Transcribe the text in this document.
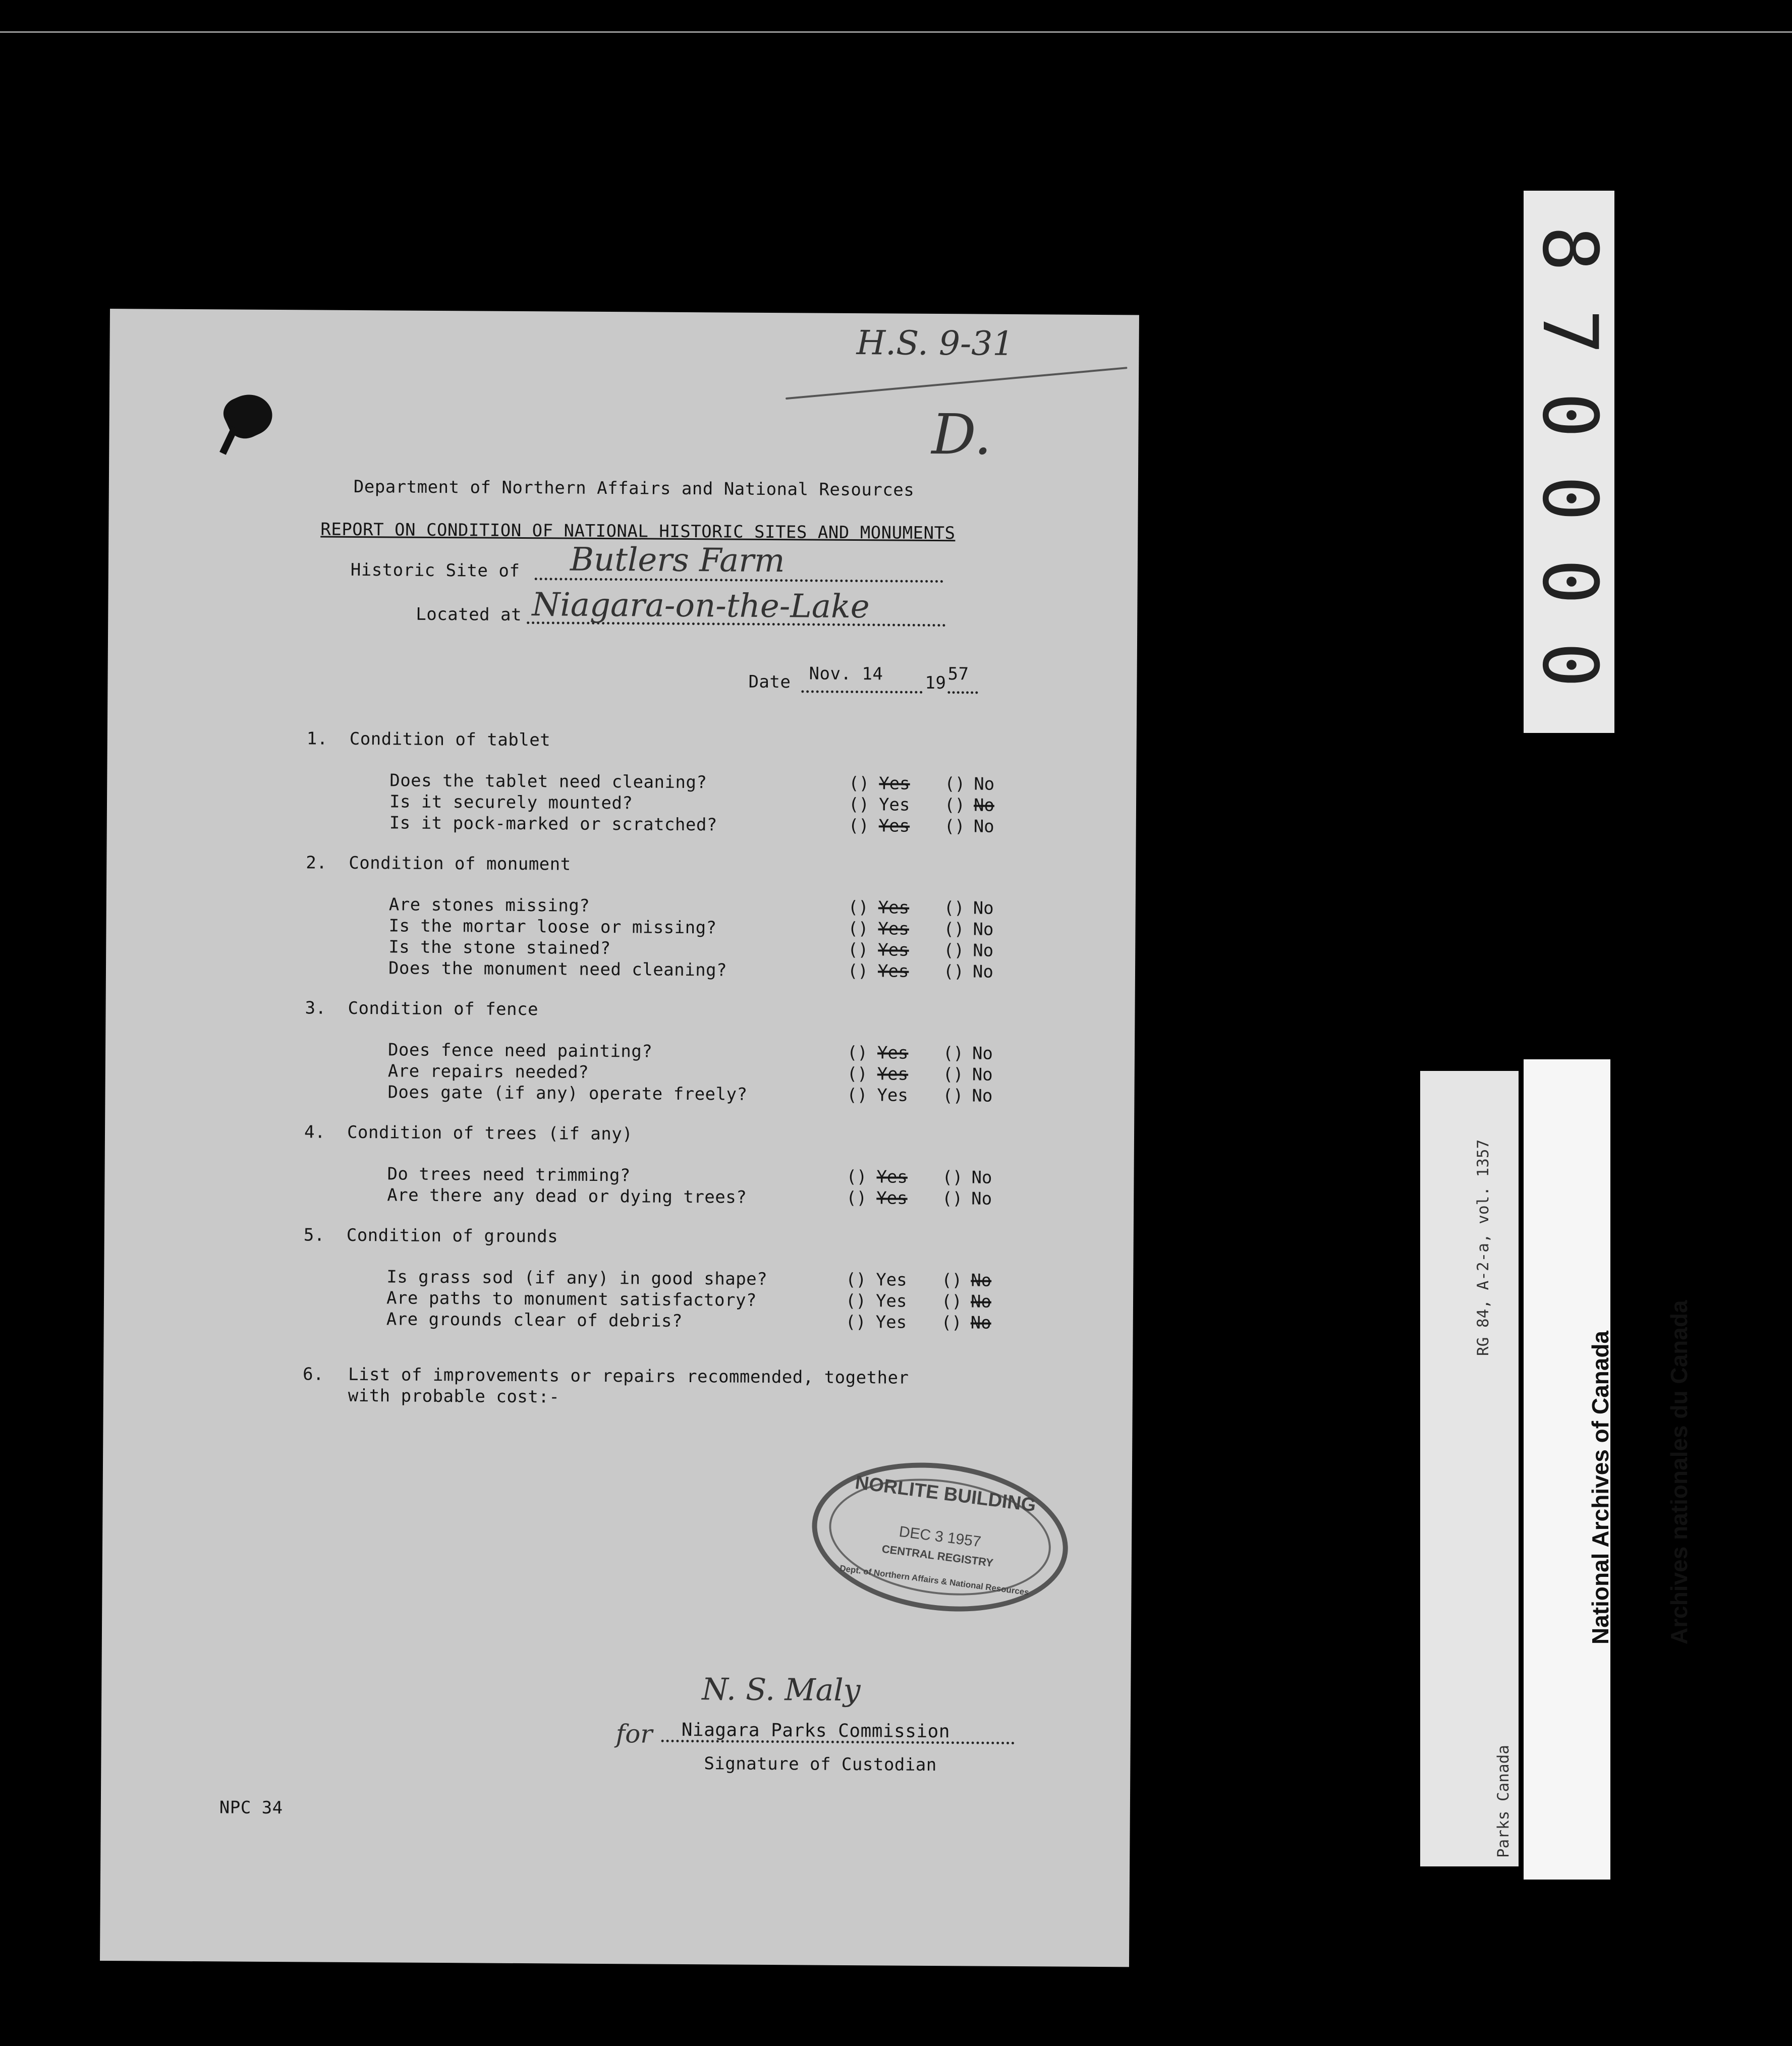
H.S. 9-31
D.
Department of Northern Affairs and National Resources
REPORT ON CONDITION OF NATIONAL HISTORIC SITES AND MONUMENTS
Historic Site of Butlers Farm
Located at Niagara-on-the-Lake
Date Nov. 14 19 57
1. Condition of tablet
Does the tablet need cleaning?	() Yes () No
Is it securely mounted?	() Yes () No
Is it pock-marked or scratched?	() Yes () No
2. Condition of monument
Are stones missing?	() Yes () No
Is the mortar loose or missing?	() Yes () No
Is the stone stained?	() Yes () No
Does the monument need cleaning?	() Yes () No
3. Condition of fence
Does fence need painting?	() Yes () No
Are repairs needed?	() Yes () No
Does gate (if any) operate freely?	() Yes () No
4. Condition of trees (if any)
Do trees need trimming?	() Yes () No
Are there any dead or dying trees?	() Yes () No
5. Condition of grounds
Is grass sod (if any) in good shape?	() Yes () No
Are paths to monument satisfactory?	() Yes () No
Are grounds clear of debris?	() Yes () No
6. List of improvements or repairs recommended, together
with probable cost:-
NORLITE BUILDING
DEC 3 1957
CENTRAL REGISTRY
Dept. of Northern Affairs & National Resources
N. S. Maly
for Niagara Parks Commission
Signature of Custodian
NPC 34
8
7
0
0
0
0

RG 84, A-2-a, vol. 1357

Parks Canada

National Archives of Canada

Archives nationales du Canada
